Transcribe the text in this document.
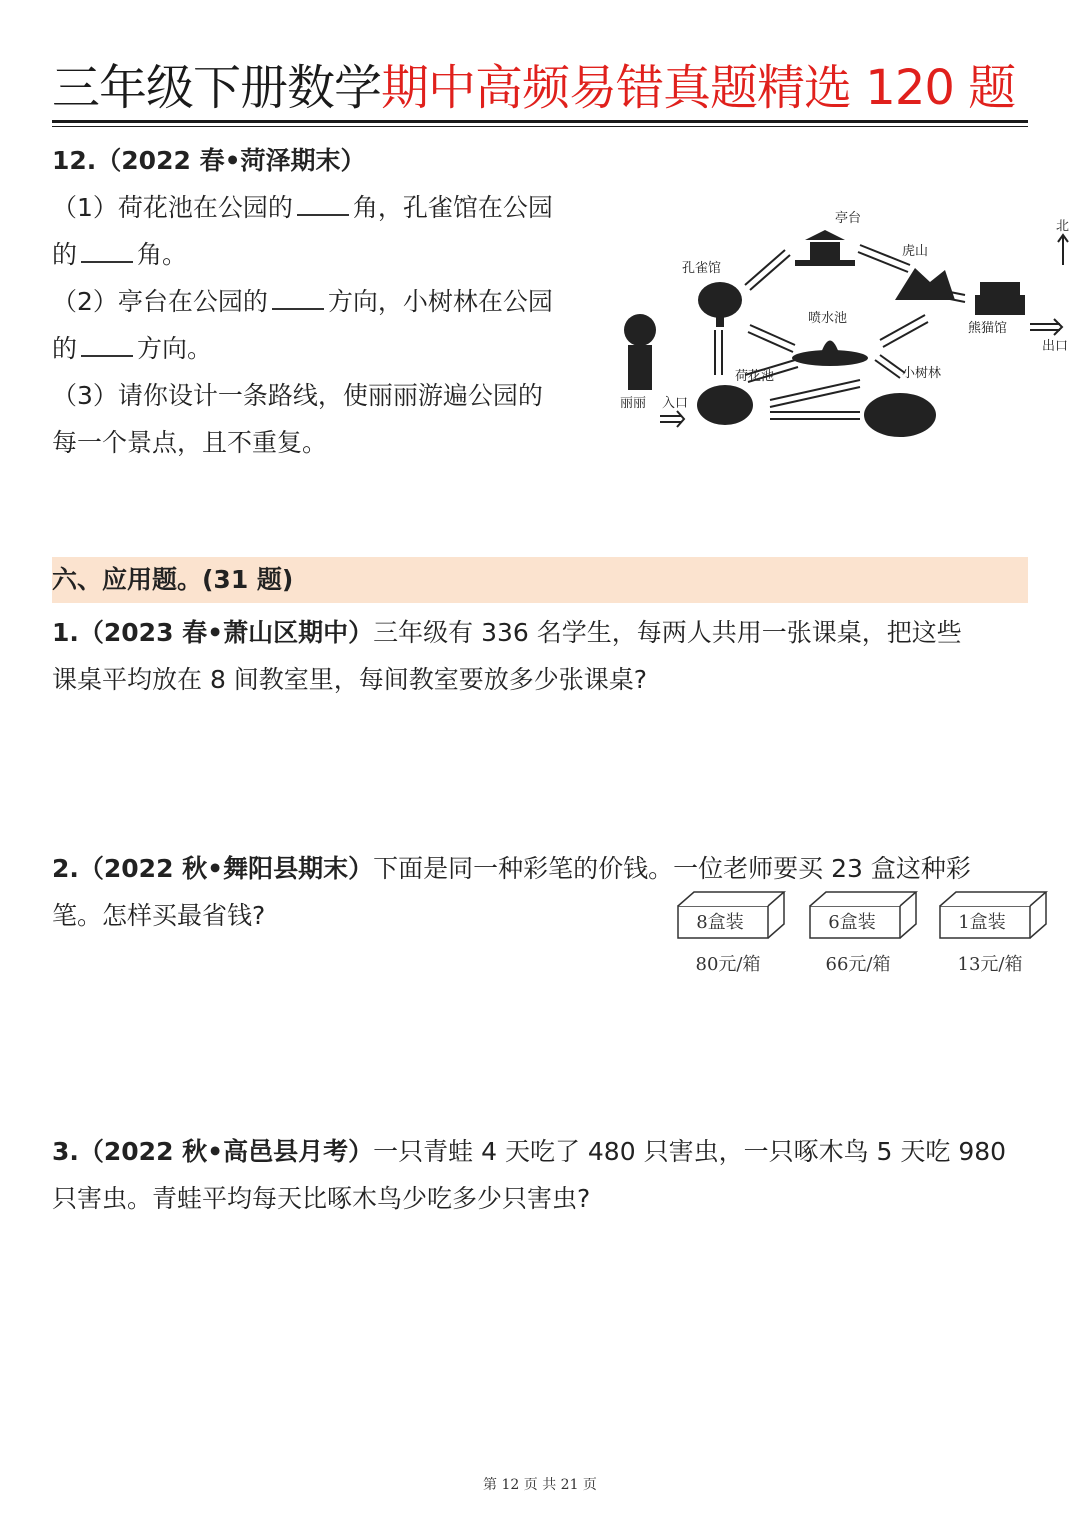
三年级下册数学期中高频易错真题精选 120 题
12.（2022 春•菏泽期末）
（1）荷花池在公园的 角，孔雀馆在公园
的 角。
（2）亭台在公园的 方向，小树林在公园
的 方向。
（3）请你设计一条路线，使丽丽游遍公园的
每一个景点，且不重复。
亭台
虎山
孔雀馆
喷水池
熊猫馆
出口
北
荷花池	小树林
丽丽 入口
六、应用题。(31 题)
1.（2023 春•萧山区期中）三年级有 336 名学生，每两人共用一张课桌，把这些
课桌平均放在 8 间教室里，每间教室要放多少张课桌?
2.（2022 秋•舞阳县期末）下面是同一种彩笔的价钱。一位老师要买 23 盒这种彩
笔。怎样买最省钱?	8盒装	6盒装	1盒装
80元/箱	66元/箱	13元/箱
3.（2022 秋•高邑县月考）一只青蛙 4 天吃了 480 只害虫，一只啄木鸟 5 天吃 980
只害虫。青蛙平均每天比啄木鸟少吃多少只害虫?
第 12 页 共 21 页
